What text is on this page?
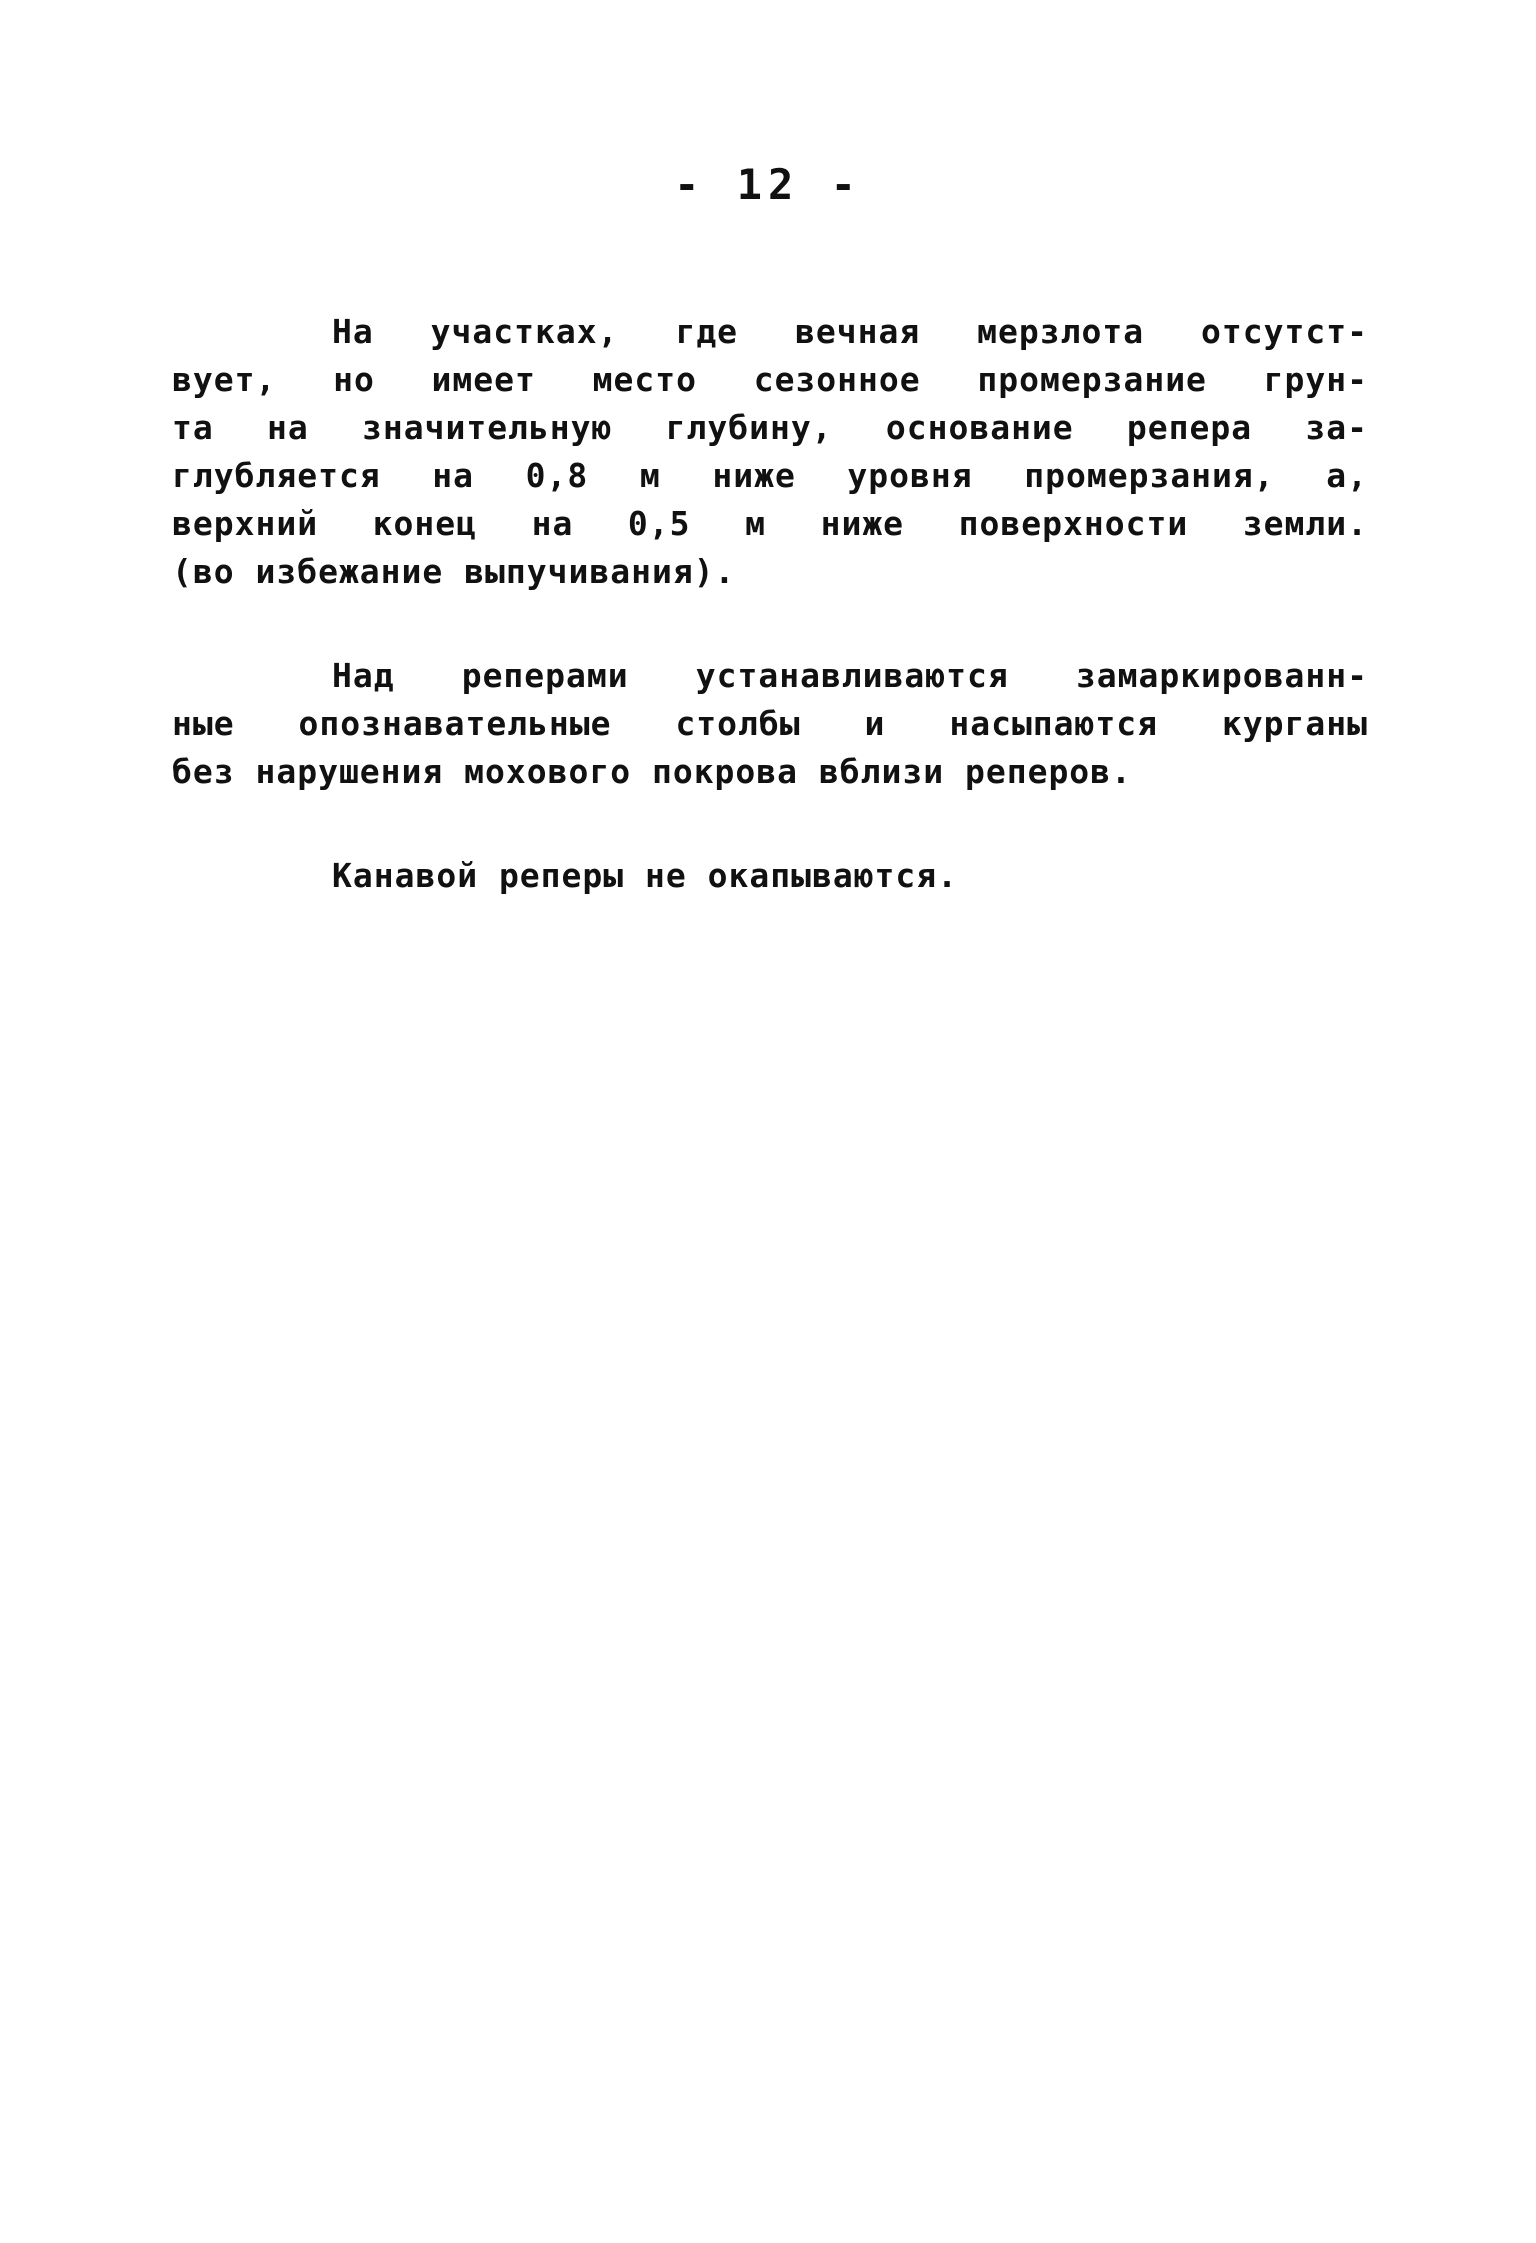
- 12 -

На участках, где вечная мерзлота отсутст-
вует, но имеет место сезонное промерзание грун-
та на значительную глубину, основание репера за-
глубляется на 0,8 м ниже уровня промерзания, а,
верхний конец на 0,5 м ниже поверхности земли.
(во избежание выпучивания).

Над реперами устанавливаются замаркированн-
ные опознавательные столбы и насыпаются курганы
без нарушения мохового покрова вблизи реперов.

Канавой реперы не окапываются.
